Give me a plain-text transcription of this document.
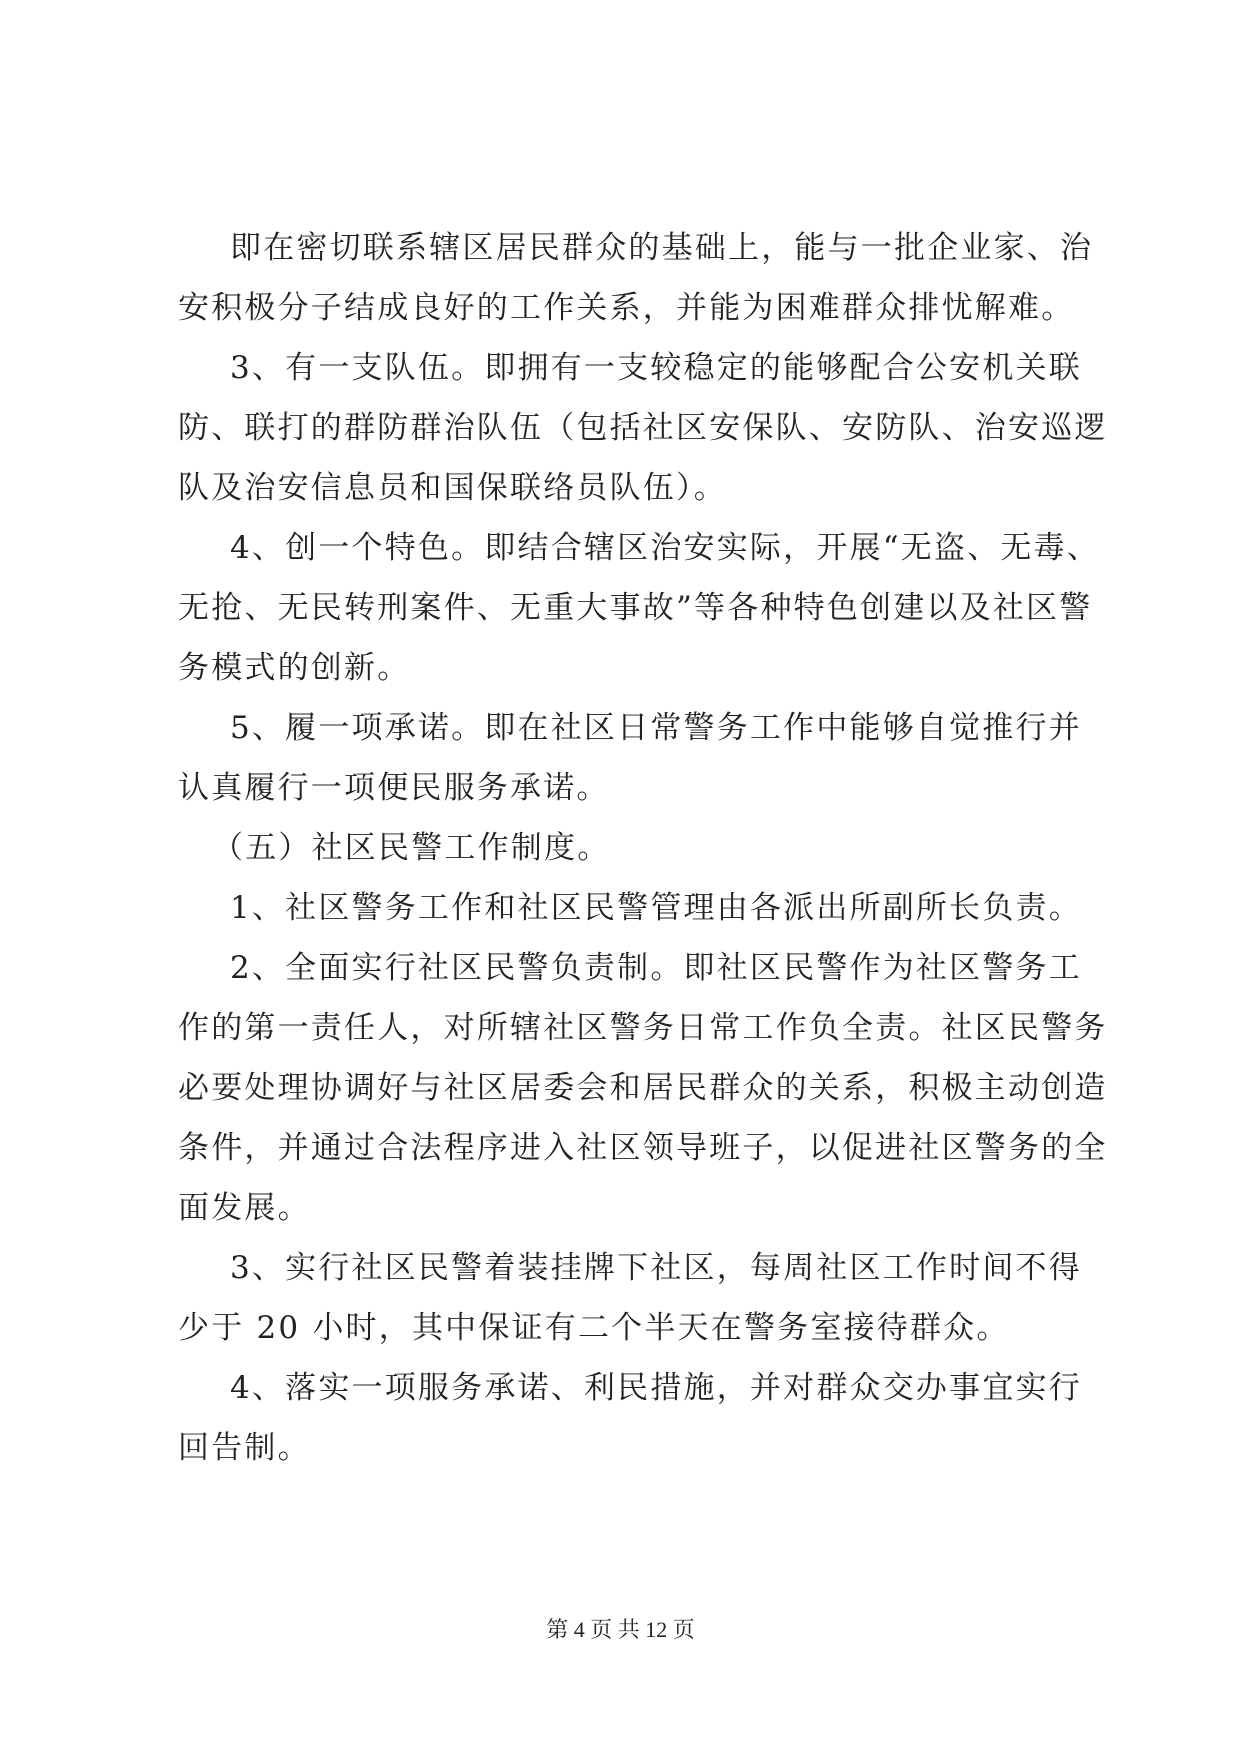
即在密切联系辖区居民群众的基础上，能与一批企业家、治
安积极分子结成良好的工作关系，并能为困难群众排忧解难。
3、有一支队伍。即拥有一支较稳定的能够配合公安机关联
防、联打的群防群治队伍（包括社区安保队、安防队、治安巡逻
队及治安信息员和国保联络员队伍）。
4、创一个特色。即结合辖区治安实际，开展“无盗、无毒、
无抢、无民转刑案件、无重大事故”等各种特色创建以及社区警
务模式的创新。
5、履一项承诺。即在社区日常警务工作中能够自觉推行并
认真履行一项便民服务承诺。
（五）社区民警工作制度。
1、社区警务工作和社区民警管理由各派出所副所长负责。
2、全面实行社区民警负责制。即社区民警作为社区警务工
作的第一责任人，对所辖社区警务日常工作负全责。社区民警务
必要处理协调好与社区居委会和居民群众的关系，积极主动创造
条件，并通过合法程序进入社区领导班子，以促进社区警务的全
面发展。
3、实行社区民警着装挂牌下社区，每周社区工作时间不得
少于 20 小时，其中保证有二个半天在警务室接待群众。
4、落实一项服务承诺、利民措施，并对群众交办事宜实行
回告制。
第 4 页 共 12 页
